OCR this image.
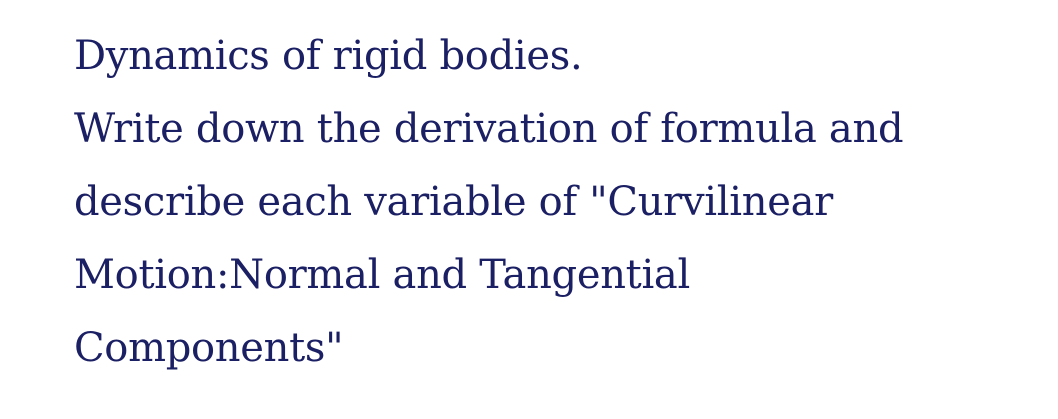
Dynamics of rigid bodies.
Write down the derivation of formula and
describe each variable of "Curvilinear
Motion:Normal and Tangential
Components"
